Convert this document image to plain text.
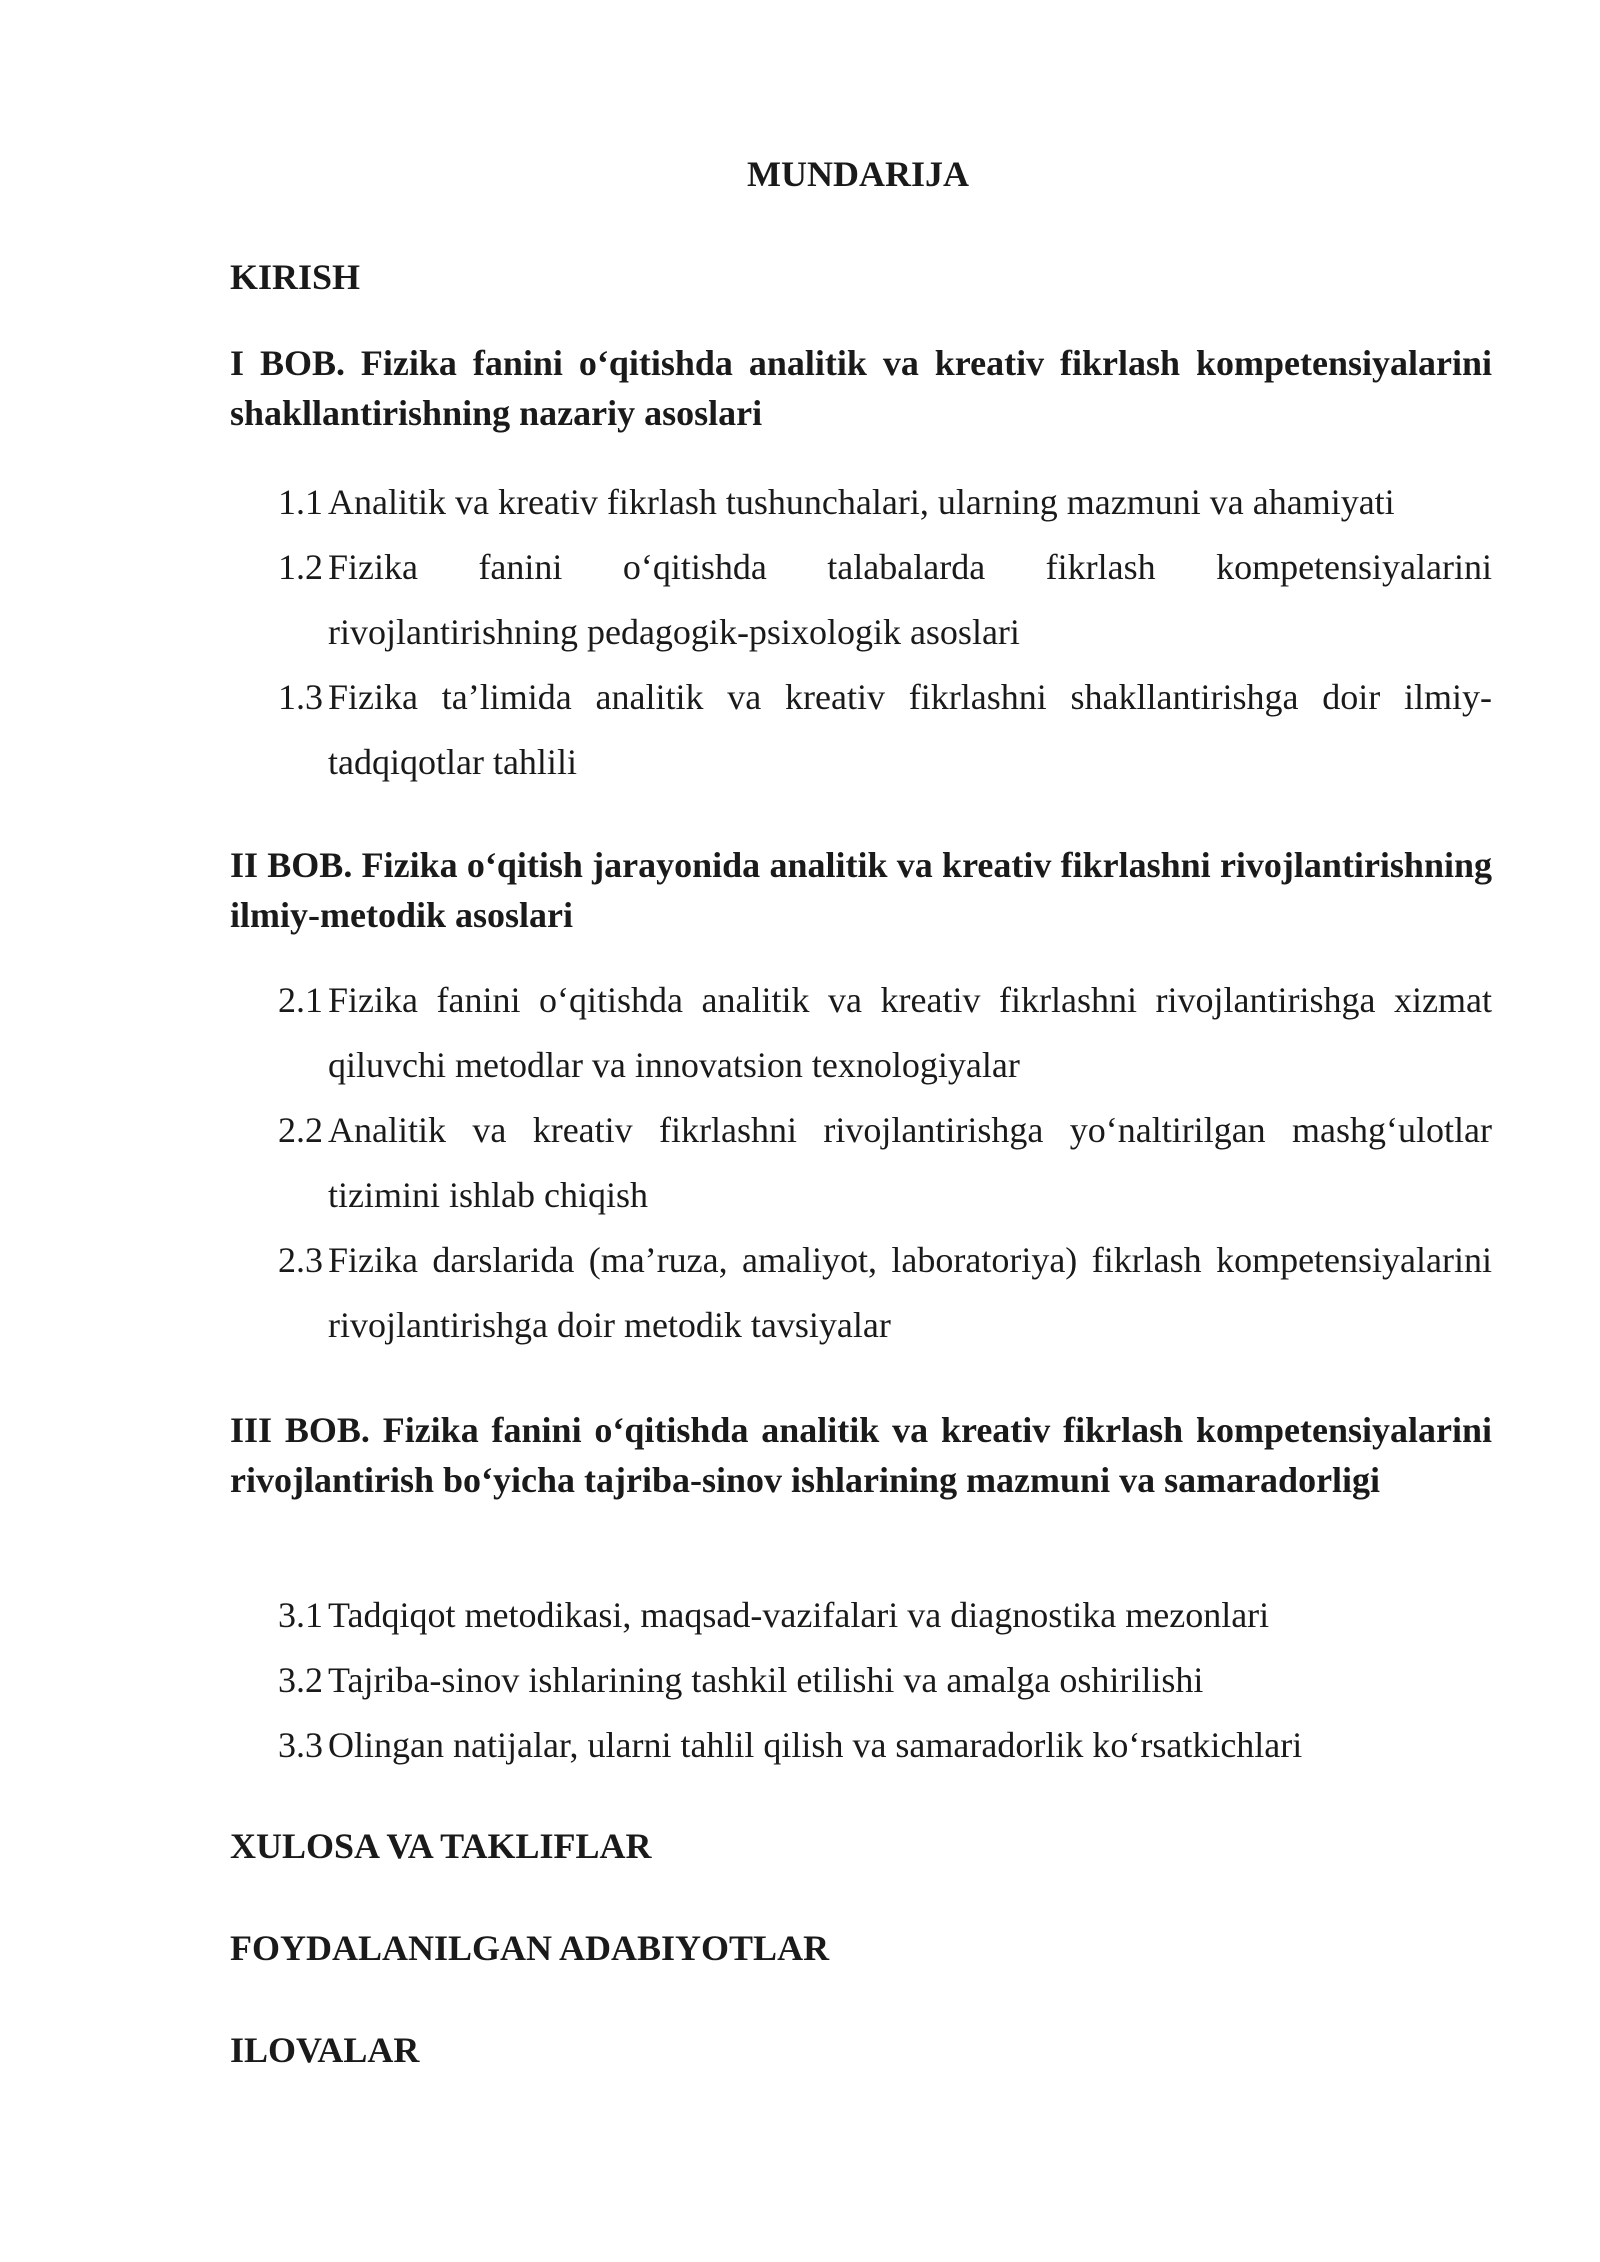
MUNDARIJA
KIRISH
I BOB. Fizika fanini o‘qitishda analitik va kreativ fikrlash kompetensiyalarini shakllantirishning nazariy asoslari
1.1 Analitik va kreativ fikrlash tushunchalari, ularning mazmuni va ahamiyati
1.2 Fizika fanini o‘qitishda talabalarda fikrlash kompetensiyalarini rivojlantirishning pedagogik-psixologik asoslari
1.3 Fizika ta’limida analitik va kreativ fikrlashni shakllantirishga doir ilmiy-tadqiqotlar tahlili
II BOB. Fizika o‘qitish jarayonida analitik va kreativ fikrlashni rivojlantirishning ilmiy-metodik asoslari
2.1 Fizika fanini o‘qitishda analitik va kreativ fikrlashni rivojlantirishga xizmat qiluvchi metodlar va innovatsion texnologiyalar
2.2 Analitik va kreativ fikrlashni rivojlantirishga yo‘naltirilgan mashg‘ulotlar tizimini ishlab chiqish
2.3 Fizika darslarida (ma’ruza, amaliyot, laboratoriya) fikrlash kompetensiyalarini rivojlantirishga doir metodik tavsiyalar
III BOB. Fizika fanini o‘qitishda analitik va kreativ fikrlash kompetensiyalarini rivojlantirish bo‘yicha tajriba-sinov ishlarining mazmuni va samaradorligi
3.1 Tadqiqot metodikasi, maqsad-vazifalari va diagnostika mezonlari
3.2 Tajriba-sinov ishlarining tashkil etilishi va amalga oshirilishi
3.3 Olingan natijalar, ularni tahlil qilish va samaradorlik ko‘rsatkichlari
XULOSA VA TAKLIFLAR
FOYDALANILGAN ADABIYOTLAR
ILOVALAR
